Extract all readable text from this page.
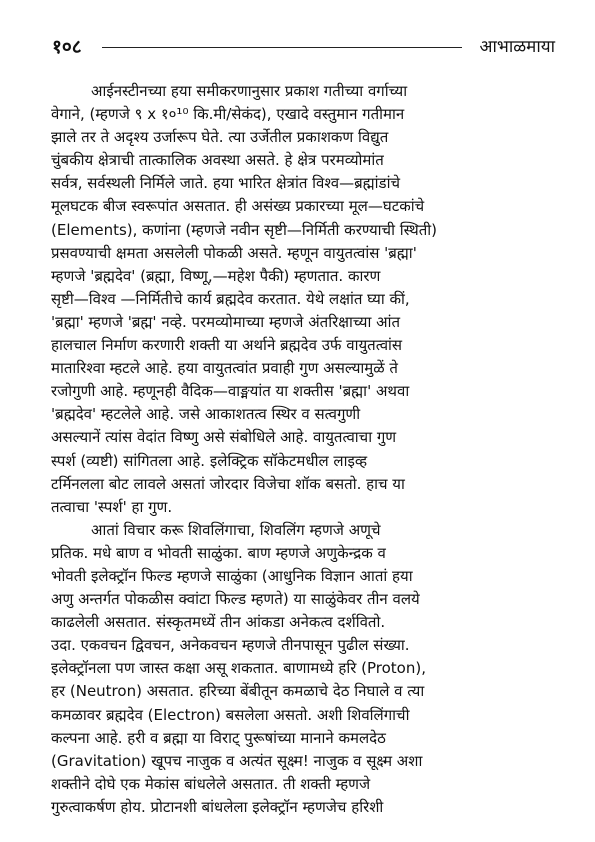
१०८	आभाळमाया
आईनस्टीनच्या हया समीकरणानुसार प्रकाश गतीच्या वर्गाच्या
वेगाने, (म्हणजे ९ x १०¹⁰ कि.मी/सेकंद), एखादे वस्तुमान गतीमान
झाले तर ते अदृश्य उर्जारूप घेते. त्या उर्जेतील प्रकाशकण विद्युत
चुंबकीय क्षेत्राची तात्कालिक अवस्था असते. हे क्षेत्र परमव्योमांत
सर्वत्र, सर्वस्थली निर्मिले जाते. हया भारित क्षेत्रांत विश्व—ब्रह्मांडांचे
मूलघटक बीज स्वरूपांत असतात. ही असंख्य प्रकारच्या मूल—घटकांचे
(Elements), कणांना (म्हणजे नवीन सृष्टी—निर्मिती करण्याची स्थिती)
प्रसवण्याची क्षमता असलेली पोकळी असते. म्हणून वायुतत्वांस 'ब्रह्मा'
म्हणजे 'ब्रह्मदेव' (ब्रह्मा, विष्णू,—महेश पैकी) म्हणतात. कारण
सृष्टी—विश्व —निर्मितीचे कार्य ब्रह्मदेव करतात. येथे लक्षांत घ्या कीं,
'ब्रह्मा' म्हणजे 'ब्रह्म' नव्हे. परमव्योमाच्या म्हणजे अंतरिक्षाच्या आंत
हालचाल निर्माण करणारी शक्ती या अर्थाने ब्रह्मदेव उर्फ वायुतत्वांस
मातारिश्वा म्हटले आहे. हया वायुतत्वांत प्रवाही गुण असल्यामुळें ते
रजोगुणी आहे. म्हणूनही वैदिक—वाङ्मयांत या शक्तीस 'ब्रह्मा' अथवा
'ब्रह्मदेव' म्हटलेले आहे. जसे आकाशतत्व स्थिर व सत्वगुणी
असल्यानें त्यांस वेदांत विष्णु असे संबोधिले आहे. वायुतत्वाचा गुण
स्पर्श (व्यष्टी) सांगितला आहे. इलेक्ट्रिक सॉकेटमधील लाइव्ह
टर्मिनलला बोट लावले असतां जोरदार विजेचा शॉक बसतो. हाच या
तत्वाचा 'स्पर्श' हा गुण.
आतां विचार करू शिवलिंगाचा, शिवलिंग म्हणजे अणूचे
प्रतिक. मधे बाण व भोवती साळुंका. बाण म्हणजे अणुकेन्द्रक व
भोवती इलेक्ट्रॉन फिल्ड म्हणजे साळुंका (आधुनिक विज्ञान आतां हया
अणु अन्तर्गत पोकळीस क्वांटा फिल्ड म्हणते) या साळुंकेवर तीन वलये
काढलेली असतात. संस्कृतमध्यें तीन आंकडा अनेकत्व दर्शवितो.
उदा. एकवचन द्विवचन, अनेकवचन म्हणजे तीनपासून पुढील संख्या.
इलेक्ट्रॉनला पण जास्त कक्षा असू शकतात. बाणामध्ये हरि (Proton),
हर (Neutron) असतात. हरिच्या बेंबीतून कमळाचे देठ निघाले व त्या
कमळावर ब्रह्मदेव (Electron) बसलेला असतो. अशी शिवलिंगाची
कल्पना आहे. हरी व ब्रह्मा या विराट् पुरूषांच्या मानाने कमलदेठ
(Gravitation) खूपच नाजुक व अत्यंत सूक्ष्म! नाजुक व सूक्ष्म अशा
शक्तीने दोघे एक मेकांस बांधलेले असतात. ती शक्ती म्हणजे
गुरुत्वाकर्षण होय. प्रोटानशी बांधलेला इलेक्ट्रॉन म्हणजेच हरिशी
